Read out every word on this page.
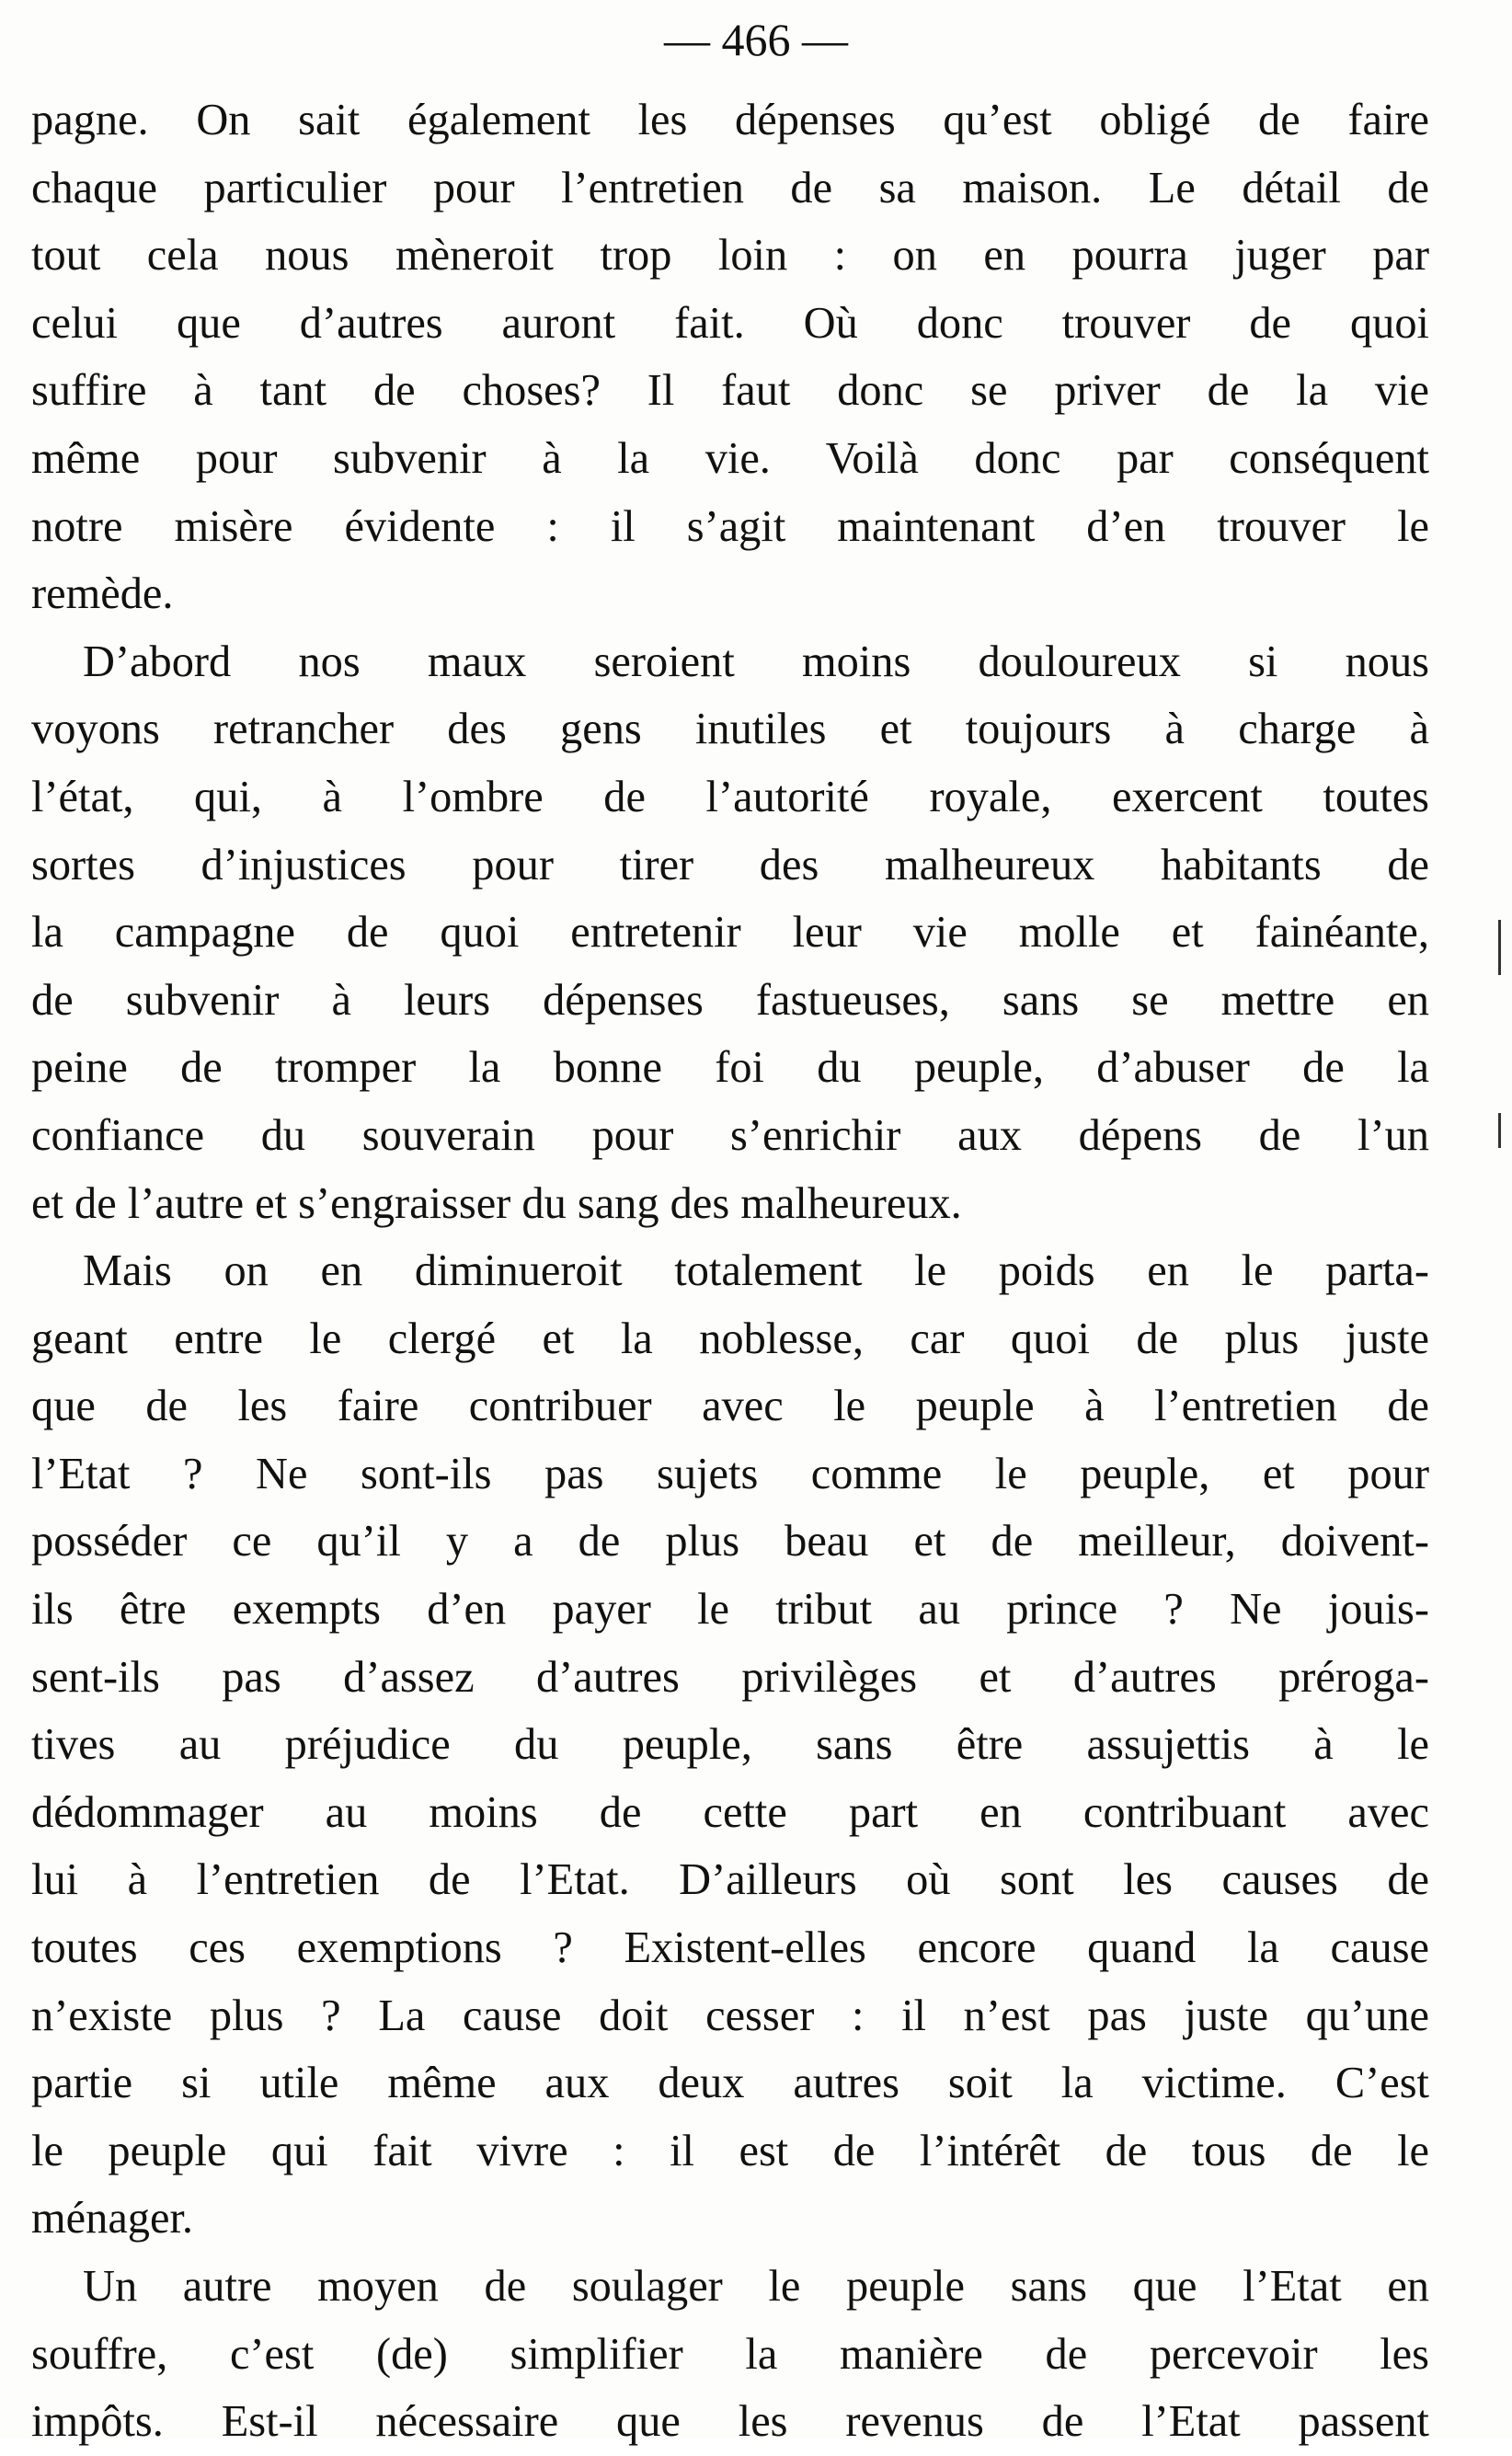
— 466 —
pagne. On sait également les dépenses qu’est obligé de faire
chaque particulier pour l’entretien de sa maison. Le détail de
tout cela nous mèneroit trop loin : on en pourra juger par
celui que d’autres auront fait. Où donc trouver de quoi
suffire à tant de choses? Il faut donc se priver de la vie
même pour subvenir à la vie. Voilà donc par conséquent
notre misère évidente : il s’agit maintenant d’en trouver le
remède.
D’abord nos maux seroient moins douloureux si nous
voyons retrancher des gens inutiles et toujours à charge à
l’état, qui, à l’ombre de l’autorité royale, exercent toutes
sortes d’injustices pour tirer des malheureux habitants de
la campagne de quoi entretenir leur vie molle et fainéante,
de subvenir à leurs dépenses fastueuses, sans se mettre en
peine de tromper la bonne foi du peuple, d’abuser de la
confiance du souverain pour s’enrichir aux dépens de l’un
et de l’autre et s’engraisser du sang des malheureux.
Mais on en diminueroit totalement le poids en le parta-
geant entre le clergé et la noblesse, car quoi de plus juste
que de les faire contribuer avec le peuple à l’entretien de
l’Etat ? Ne sont-ils pas sujets comme le peuple, et pour
posséder ce qu’il y a de plus beau et de meilleur, doivent-
ils être exempts d’en payer le tribut au prince ? Ne jouis-
sent-ils pas d’assez d’autres privilèges et d’autres préroga-
tives au préjudice du peuple, sans être assujettis à le
dédommager au moins de cette part en contribuant avec
lui à l’entretien de l’Etat. D’ailleurs où sont les causes de
toutes ces exemptions ? Existent-elles encore quand la cause
n’existe plus ? La cause doit cesser : il n’est pas juste qu’une
partie si utile même aux deux autres soit la victime. C’est
le peuple qui fait vivre : il est de l’intérêt de tous de le
ménager.
Un autre moyen de soulager le peuple sans que l’Etat en
souffre, c’est (de) simplifier la manière de percevoir les
impôts. Est-il nécessaire que les revenus de l’Etat passent
